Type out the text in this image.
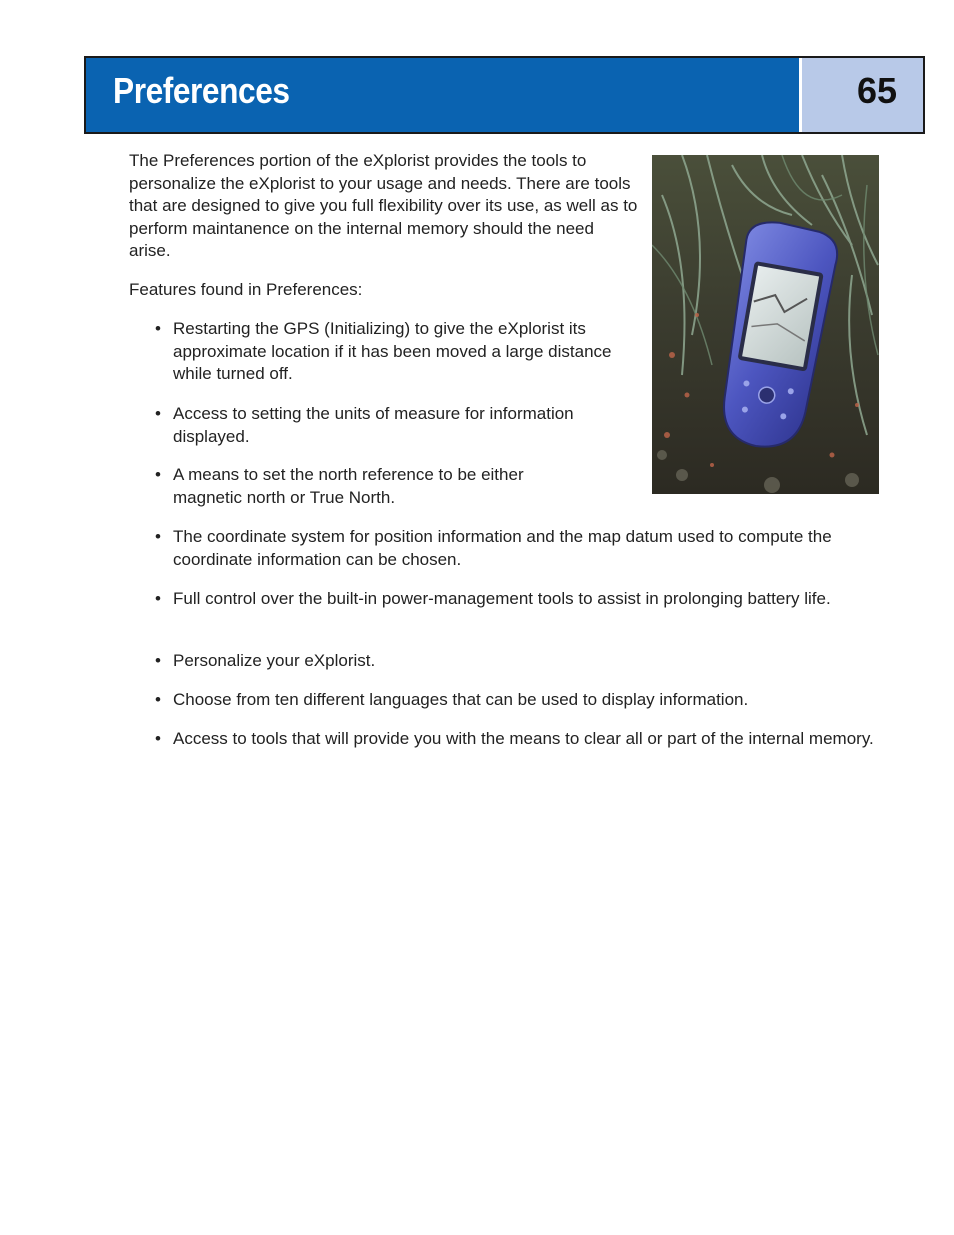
Preferences	65

The Preferences portion of the eXplorist provides the tools to personalize the eXplorist to your usage and needs. There are tools that are designed to give you full flexibility over its use, as well as to perform maintanence on the internal memory should the need arise.

Features found in Preferences:

• Restarting the GPS (Initializing) to give the eXplorist its approximate location if it has been moved a large distance while turned off.
• Access to setting the units of measure for information displayed.
• A means to set the north reference to be either magnetic north or True North.
• The coordinate system for position information and the map datum used to compute the coordinate information can be chosen.
• Full control over the built-in power-management tools to assist in prolonging battery life.
• Personalize your eXplorist.
• Choose from ten different languages that can be used to display information.
• Access to tools that will provide you with the means to clear all or part of the internal memory.
